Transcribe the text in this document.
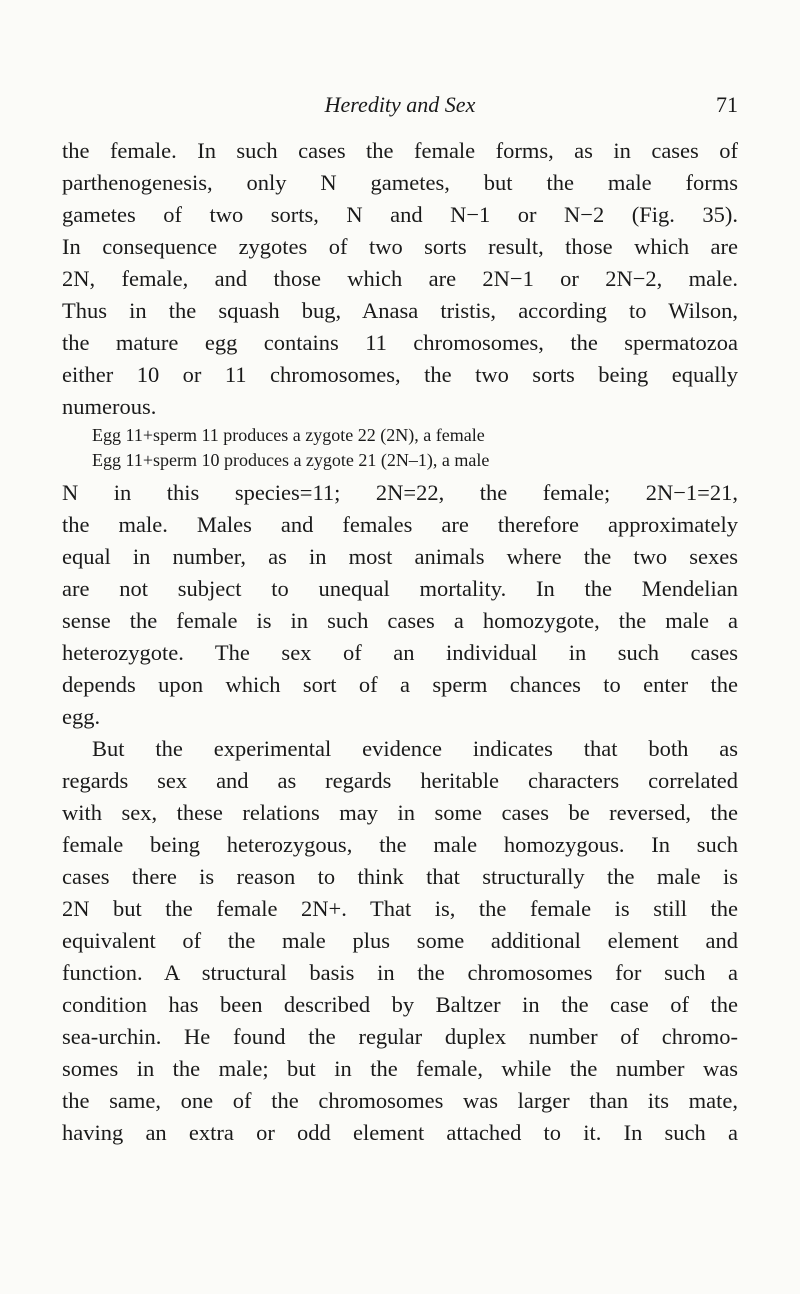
Heredity and Sex	71
the female. In such cases the female forms, as in cases of
parthenogenesis, only N gametes, but the male forms
gametes of two sorts, N and N−1 or N−2 (Fig. 35).
In consequence zygotes of two sorts result, those which are
2N, female, and those which are 2N−1 or 2N−2, male.
Thus in the squash bug, Anasa tristis, according to Wilson,
the mature egg contains 11 chromosomes, the spermatozoa
either 10 or 11 chromosomes, the two sorts being equally
numerous.
Egg 11+sperm 11 produces a zygote 22 (2N), a female
Egg 11+sperm 10 produces a zygote 21 (2N–1), a male
N in this species=11; 2N=22, the female; 2N−1=21,
the male. Males and females are therefore approximately
equal in number, as in most animals where the two sexes
are not subject to unequal mortality. In the Mendelian
sense the female is in such cases a homozygote, the male a
heterozygote. The sex of an individual in such cases
depends upon which sort of a sperm chances to enter the
egg.
But the experimental evidence indicates that both as
regards sex and as regards heritable characters correlated
with sex, these relations may in some cases be reversed, the
female being heterozygous, the male homozygous. In such
cases there is reason to think that structurally the male is
2N but the female 2N+. That is, the female is still the
equivalent of the male plus some additional element and
function. A structural basis in the chromosomes for such a
condition has been described by Baltzer in the case of the
sea-urchin. He found the regular duplex number of chromo-
somes in the male; but in the female, while the number was
the same, one of the chromosomes was larger than its mate,
having an extra or odd element attached to it. In such a
